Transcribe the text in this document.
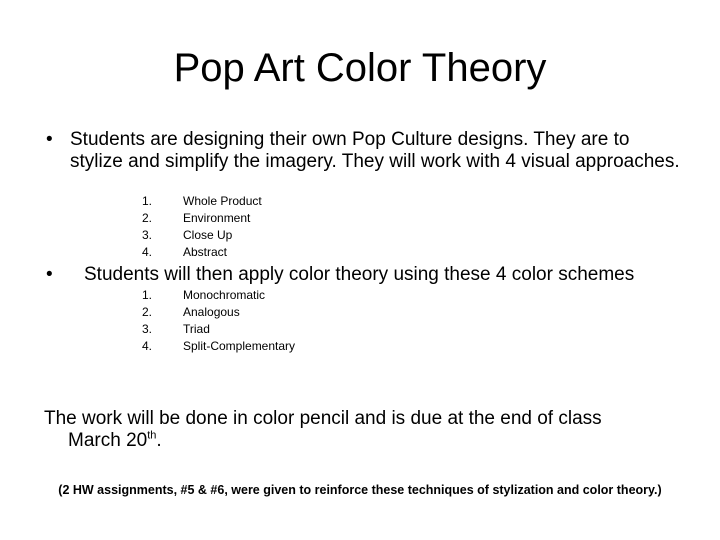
Pop Art Color Theory
• Students are designing their own Pop Culture designs. They are to stylize and simplify the imagery. They will work with 4 visual approaches.
1.	Whole Product
2.	Environment
3.	Close Up
4.	Abstract
• Students will then apply color theory using these 4 color schemes
1.	Monochromatic
2.	Analogous
3.	Triad
4.	Split-Complementary
The work will be done in color pencil and is due at the end of class
March 20th.
(2 HW assignments, #5 & #6, were given to reinforce these techniques of stylization and color theory.)
